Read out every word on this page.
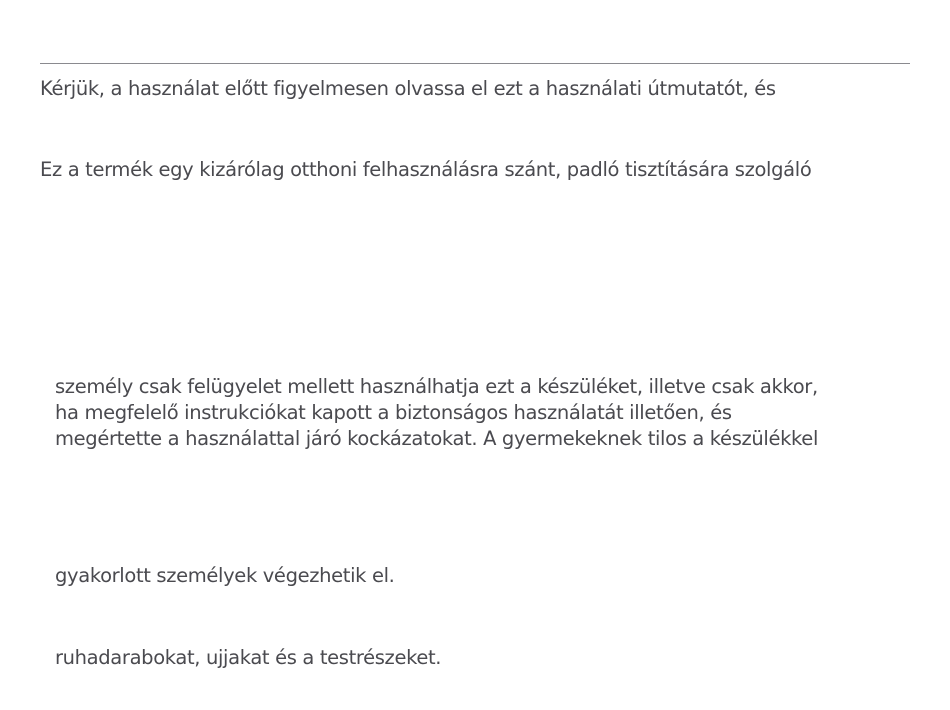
Kérjük, a használat előtt figyelmesen olvassa el ezt a használati útmutatót, és
Ez a termék egy kizárólag otthoni felhasználásra szánt, padló tisztítására szolgáló
személy csak felügyelet mellett használhatja ezt a készüléket, illetve csak akkor,
ha megfelelő instrukciókat kapott a biztonságos használatát illetően, és
megértette a használattal járó kockázatokat. A gyermekeknek tilos a készülékkel
gyakorlott személyek végezhetik el.
ruhadarabokat, ujjakat és a testrészeket.
